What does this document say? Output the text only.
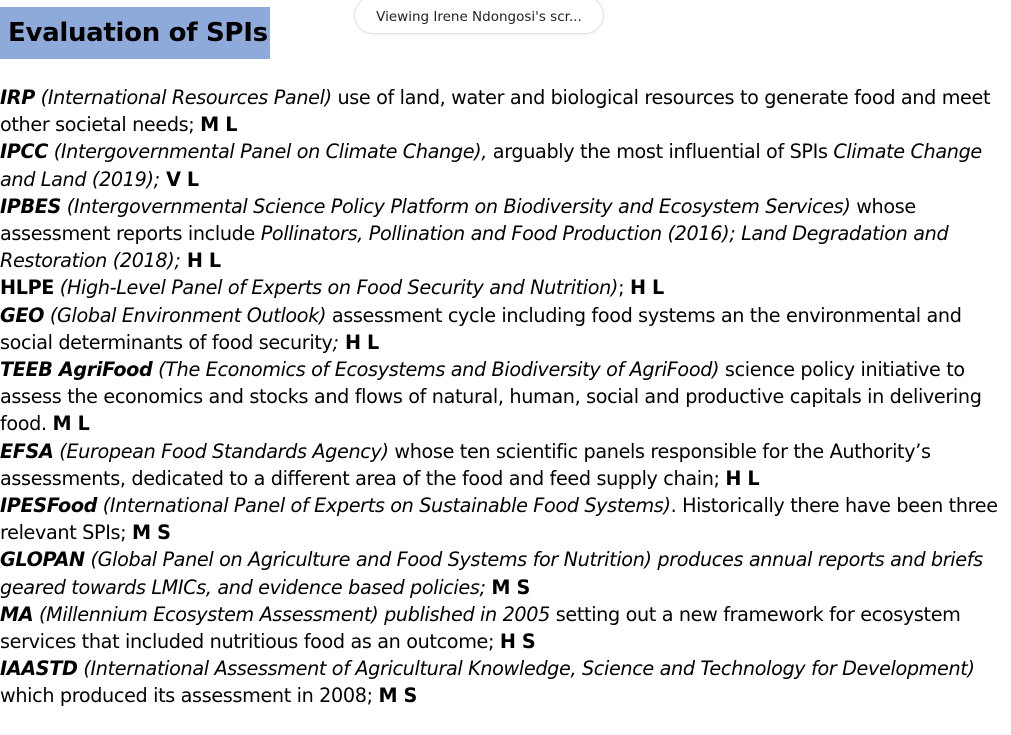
Evaluation of SPIs
Viewing Irene Ndongosi's scr...

IRP (International Resources Panel) use of land, water and biological resources to generate food and meet other societal needs; M L

IPCC (Intergovernmental Panel on Climate Change), arguably the most influential of SPIs Climate Change and Land (2019); V L

IPBES (Intergovernmental Science Policy Platform on Biodiversity and Ecosystem Services) whose assessment reports include Pollinators, Pollination and Food Production (2016); Land Degradation and Restoration (2018); H L

HLPE (High-Level Panel of Experts on Food Security and Nutrition); H L

GEO (Global Environment Outlook) assessment cycle including food systems an the environmental and social determinants of food security; H L

TEEB AgriFood (The Economics of Ecosystems and Biodiversity of AgriFood) science policy initiative to assess the economics and stocks and flows of natural, human, social and productive capitals in delivering food. M L

EFSA (European Food Standards Agency) whose ten scientific panels responsible for the Authority’s assessments, dedicated to a different area of the food and feed supply chain; H L

IPESFood (International Panel of Experts on Sustainable Food Systems). Historically there have been three relevant SPIs; M S

GLOPAN (Global Panel on Agriculture and Food Systems for Nutrition) produces annual reports and briefs geared towards LMICs, and evidence based policies; M S

MA (Millennium Ecosystem Assessment) published in 2005 setting out a new framework for ecosystem services that included nutritious food as an outcome; H S

IAASTD (International Assessment of Agricultural Knowledge, Science and Technology for Development) which produced its assessment in 2008; M S
